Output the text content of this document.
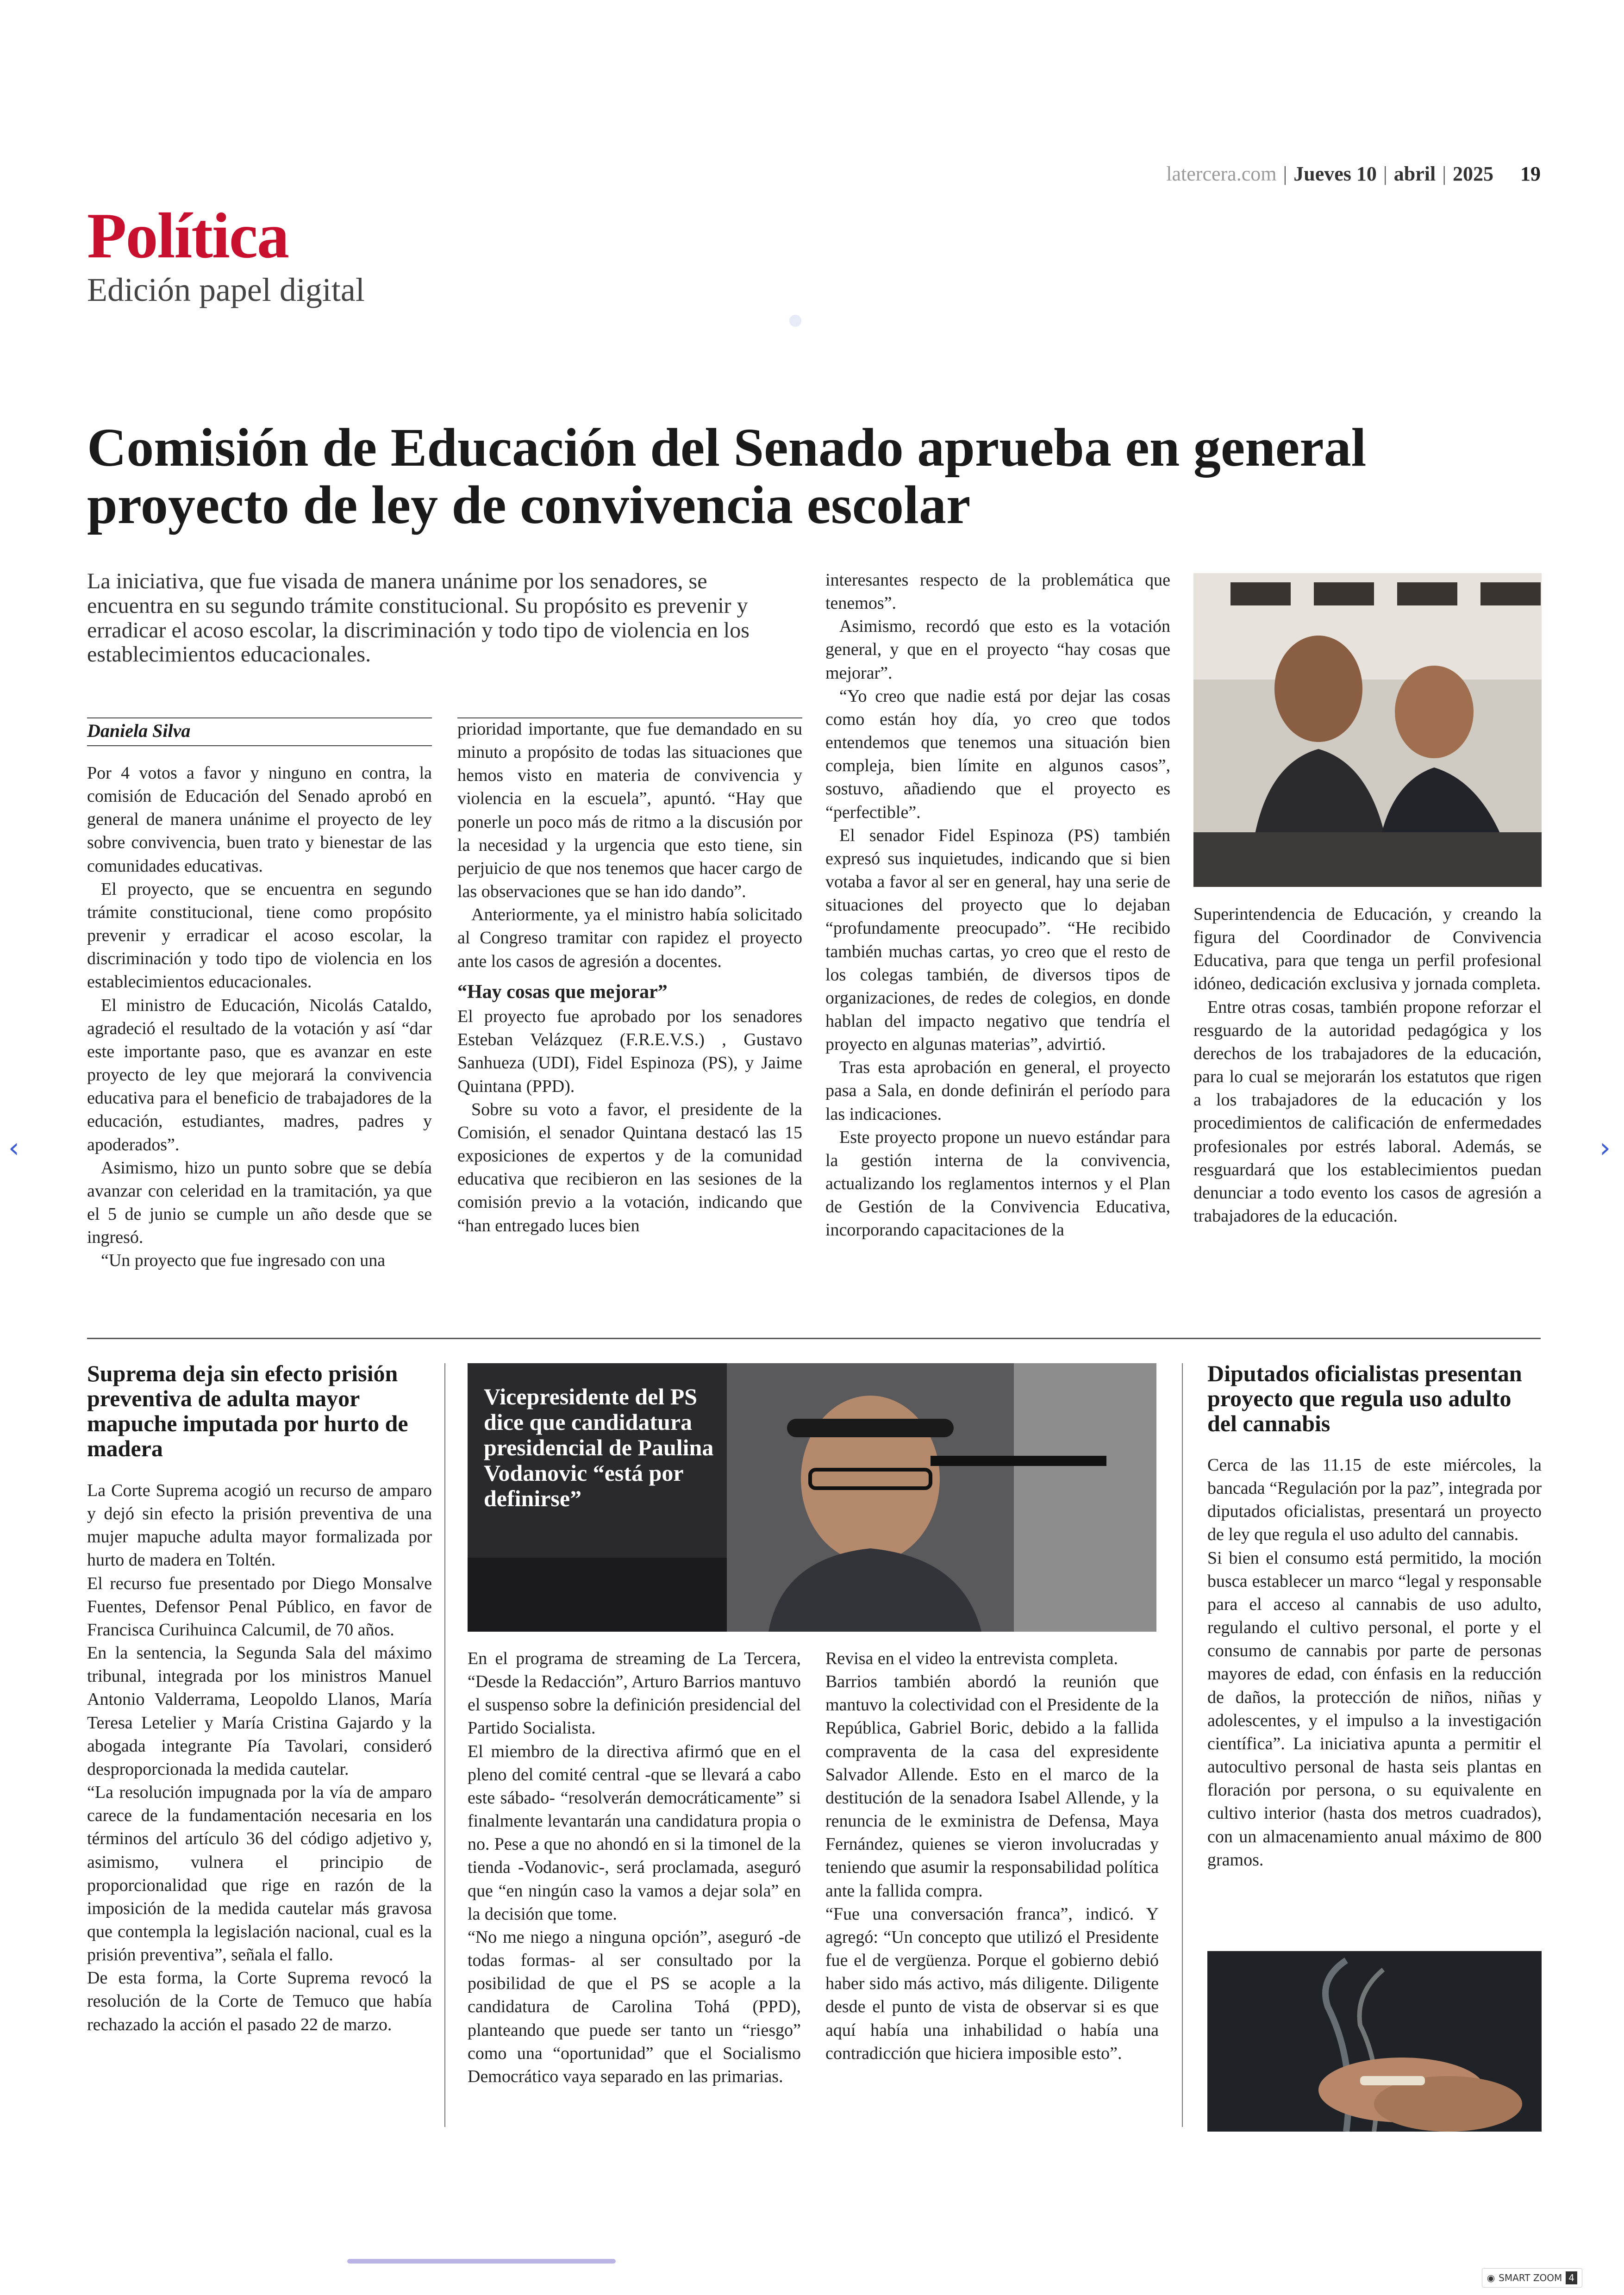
latercera.com | Jueves 10 | abril | 2025 19
Política
Edición papel digital
Comisión de Educación del Senado aprueba en general proyecto de ley de convivencia escolar
La iniciativa, que fue visada de manera unánime por los senadores, se encuentra en su segundo trámite constitucional. Su propósito es prevenir y erradicar el acoso escolar, la discriminación y todo tipo de violencia en los establecimientos educacionales.
Daniela Silva

Por 4 votos a favor y ninguno en contra, la comisión de Educación del Senado aprobó en general de manera unánime el proyecto de ley sobre convivencia, buen trato y bienestar de las comunidades educativas.

El proyecto, que se encuentra en segundo trámite constitucional, tiene como propósito prevenir y erradicar el acoso escolar, la discriminación y todo tipo de violencia en los establecimientos educacionales.

El ministro de Educación, Nicolás Cataldo, agradeció el resultado de la votación y así “dar este importante paso, que es avanzar en este proyecto de ley que mejorará la convivencia educativa para el beneficio de trabajadores de la educación, estudiantes, madres, padres y apoderados”.

Asimismo, hizo un punto sobre que se debía avanzar con celeridad en la tramitación, ya que el 5 de junio se cumple un año desde que se ingresó.

“Un proyecto que fue ingresado con una

prioridad importante, que fue demandado en su minuto a propósito de todas las situaciones que hemos visto en materia de convivencia y violencia en la escuela”, apuntó. “Hay que ponerle un poco más de ritmo a la discusión por la necesidad y la urgencia que esto tiene, sin perjuicio de que nos tenemos que hacer cargo de las observaciones que se han ido dando”.

Anteriormente, ya el ministro había solicitado al Congreso tramitar con rapidez el proyecto ante los casos de agresión a docentes.

“Hay cosas que mejorar”

El proyecto fue aprobado por los senadores Esteban Velázquez (F.R.E.V.S.) , Gustavo Sanhueza (UDI), Fidel Espinoza (PS), y Jaime Quintana (PPD).

Sobre su voto a favor, el presidente de la Comisión, el senador Quintana destacó las 15 exposiciones de expertos y de la comunidad educativa que recibieron en las sesiones de la comisión previo a la votación, indicando que “han entregado luces bien

interesantes respecto de la problemática que tenemos”.

Asimismo, recordó que esto es la votación general, y que en el proyecto “hay cosas que mejorar”.

“Yo creo que nadie está por dejar las cosas como están hoy día, yo creo que todos entendemos que tenemos una situación bien compleja, bien límite en algunos casos”, sostuvo, añadiendo que el proyecto es “perfectible”.

El senador Fidel Espinoza (PS) también expresó sus inquietudes, indicando que si bien votaba a favor al ser en general, hay una serie de situaciones del proyecto que lo dejaban “profundamente preocupado”. “He recibido también muchas cartas, yo creo que el resto de los colegas también, de diversos tipos de organizaciones, de redes de colegios, en donde hablan del impacto negativo que tendría el proyecto en algunas materias”, advirtió.

Tras esta aprobación en general, el proyecto pasa a Sala, en donde definirán el período para las indicaciones.

Este proyecto propone un nuevo estándar para la gestión interna de la convivencia, actualizando los reglamentos internos y el Plan de Gestión de la Convivencia Educativa, incorporando capacitaciones de la

Superintendencia de Educación, y creando la figura del Coordinador de Convivencia Educativa, para que tenga un perfil profesional idóneo, dedicación exclusiva y jornada completa.

Entre otras cosas, también propone reforzar el resguardo de la autoridad pedagógica y los derechos de los trabajadores de la educación, para lo cual se mejorarán los estatutos que rigen a los trabajadores de la educación y los procedimientos de calificación de enfermedades profesionales por estrés laboral. Además, se resguardará que los establecimientos puedan denunciar a todo evento los casos de agresión a trabajadores de la educación.

Suprema deja sin efecto prisión preventiva de adulta mayor mapuche imputada por hurto de madera

La Corte Suprema acogió un recurso de amparo y dejó sin efecto la prisión preventiva de una mujer mapuche adulta mayor formalizada por hurto de madera en Toltén.

El recurso fue presentado por Diego Monsalve Fuentes, Defensor Penal Público, en favor de Francisca Curihuinca Calcumil, de 70 años.

En la sentencia, la Segunda Sala del máximo tribunal, integrada por los ministros Manuel Antonio Valderrama, Leopoldo Llanos, María Teresa Letelier y María Cristina Gajardo y la abogada integrante Pía Tavolari, consideró desproporcionada la medida cautelar.

“La resolución impugnada por la vía de amparo carece de la fundamentación necesaria en los términos del artículo 36 del código adjetivo y, asimismo, vulnera el principio de proporcionalidad que rige en razón de la imposición de la medida cautelar más gravosa que contempla la legislación nacional, cual es la prisión preventiva”, señala el fallo.

De esta forma, la Corte Suprema revocó la resolución de la Corte de Temuco que había rechazado la acción el pasado 22 de marzo.

Vicepresidente del PS dice que candidatura presidencial de Paulina Vodanovic “está por definirse”

En el programa de streaming de La Tercera, “Desde la Redacción”, Arturo Barrios mantuvo el suspenso sobre la definición presidencial del Partido Socialista.

El miembro de la directiva afirmó que en el pleno del comité central -que se llevará a cabo este sábado- “resolverán democráticamente” si finalmente levantarán una candidatura propia o no. Pese a que no ahondó en si la timonel de la tienda -Vodanovic-, será proclamada, aseguró que “en ningún caso la vamos a dejar sola” en la decisión que tome.

“No me niego a ninguna opción”, aseguró -de todas formas- al ser consultado por la posibilidad de que el PS se acople a la candidatura de Carolina Tohá (PPD), planteando que puede ser tanto un “riesgo” como una “oportunidad” que el Socialismo Democrático vaya separado en las primarias.

Revisa en el video la entrevista completa.

Barrios también abordó la reunión que mantuvo la colectividad con el Presidente de la República, Gabriel Boric, debido a la fallida compraventa de la casa del expresidente Salvador Allende. Esto en el marco de la destitución de la senadora Isabel Allende, y la renuncia de le exministra de Defensa, Maya Fernández, quienes se vieron involucradas y teniendo que asumir la responsabilidad política ante la fallida compra.

“Fue una conversación franca”, indicó. Y agregó: “Un concepto que utilizó el Presidente fue el de vergüenza. Porque el gobierno debió haber sido más activo, más diligente. Diligente desde el punto de vista de observar si es que aquí había una inhabilidad o había una contradicción que hiciera imposible esto”.

Diputados oficialistas presentan proyecto que regula uso adulto del cannabis

Cerca de las 11.15 de este miércoles, la bancada “Regulación por la paz”, integrada por diputados oficialistas, presentará un proyecto de ley que regula el uso adulto del cannabis.

Si bien el consumo está permitido, la moción busca establecer un marco “legal y responsable para el acceso al cannabis de uso adulto, regulando el cultivo personal, el porte y el consumo de cannabis por parte de personas mayores de edad, con énfasis en la reducción de daños, la protección de niños, niñas y adolescentes, y el impulso a la investigación científica”. La iniciativa apunta a permitir el autocultivo personal de hasta seis plantas en floración por persona, o su equivalente en cultivo interior (hasta dos metros cuadrados), con un almacenamiento anual máximo de 800 gramos.

‹	›
◉ SMART ZOOM 4
